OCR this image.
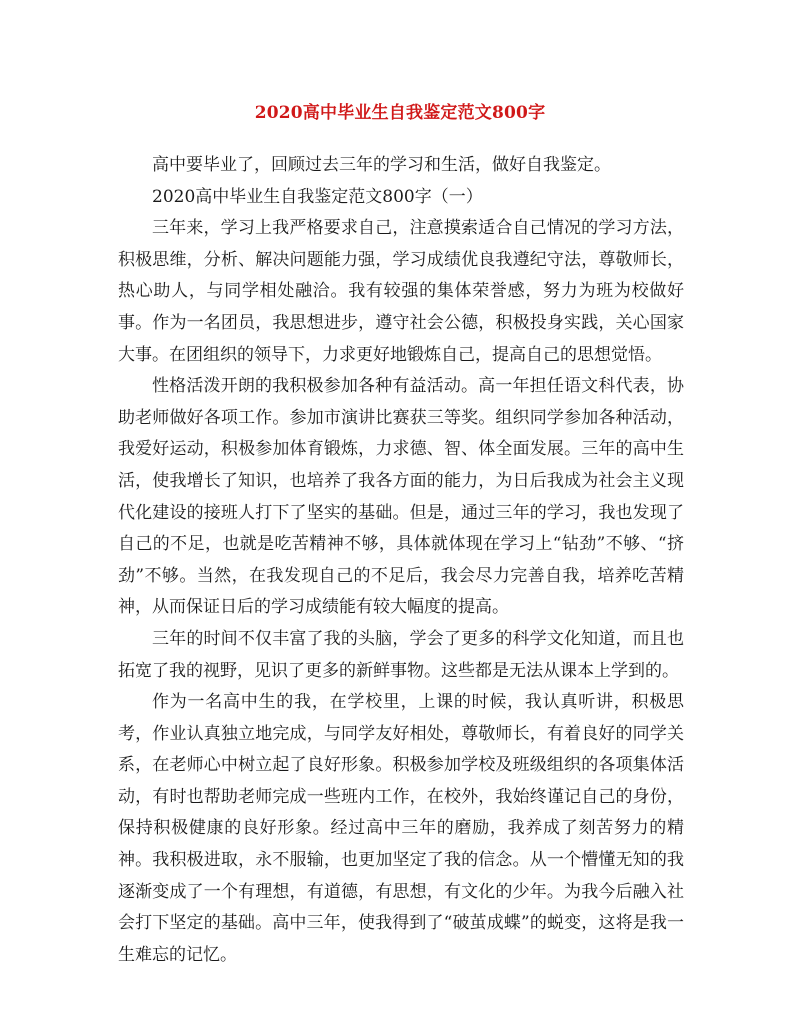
2020高中毕业生自我鉴定范文800字

高中要毕业了，回顾过去三年的学习和生活，做好自我鉴定。

2020高中毕业生自我鉴定范文800字（一）

三年来，学习上我严格要求自己，注意摸索适合自己情况的学习方法，积极思维，分析、解决问题能力强，学习成绩优良我遵纪守法，尊敬师长，热心助人，与同学相处融洽。我有较强的集体荣誉感，努力为班为校做好事。作为一名团员，我思想进步，遵守社会公德，积极投身实践，关心国家大事。在团组织的领导下，力求更好地锻炼自己，提高自己的思想觉悟。

性格活泼开朗的我积极参加各种有益活动。高一年担任语文科代表，协助老师做好各项工作。参加市演讲比赛获三等奖。组织同学参加各种活动，我爱好运动，积极参加体育锻炼，力求德、智、体全面发展。三年的高中生活，使我增长了知识，也培养了我各方面的能力，为日后我成为社会主义现代化建设的接班人打下了坚实的基础。但是，通过三年的学习，我也发现了自己的不足，也就是吃苦精神不够，具体就体现在学习上“钻劲”不够、“挤劲”不够。当然，在我发现自己的不足后，我会尽力完善自我，培养吃苦精神，从而保证日后的学习成绩能有较大幅度的提高。

三年的时间不仅丰富了我的头脑，学会了更多的科学文化知道，而且也拓宽了我的视野，见识了更多的新鲜事物。这些都是无法从课本上学到的。

作为一名高中生的我，在学校里，上课的时候，我认真听讲，积极思考，作业认真独立地完成，与同学友好相处，尊敬师长，有着良好的同学关系，在老师心中树立起了良好形象。积极参加学校及班级组织的各项集体活动，有时也帮助老师完成一些班内工作，在校外，我始终谨记自己的身份，保持积极健康的良好形象。经过高中三年的磨励，我养成了刻苦努力的精神。我积极进取，永不服输，也更加坚定了我的信念。从一个懵懂无知的我逐渐变成了一个有理想，有道德，有思想，有文化的少年。为我今后融入社会打下坚定的基础。高中三年，使我得到了“破茧成蝶”的蜕变，这将是我一生难忘的记忆。
